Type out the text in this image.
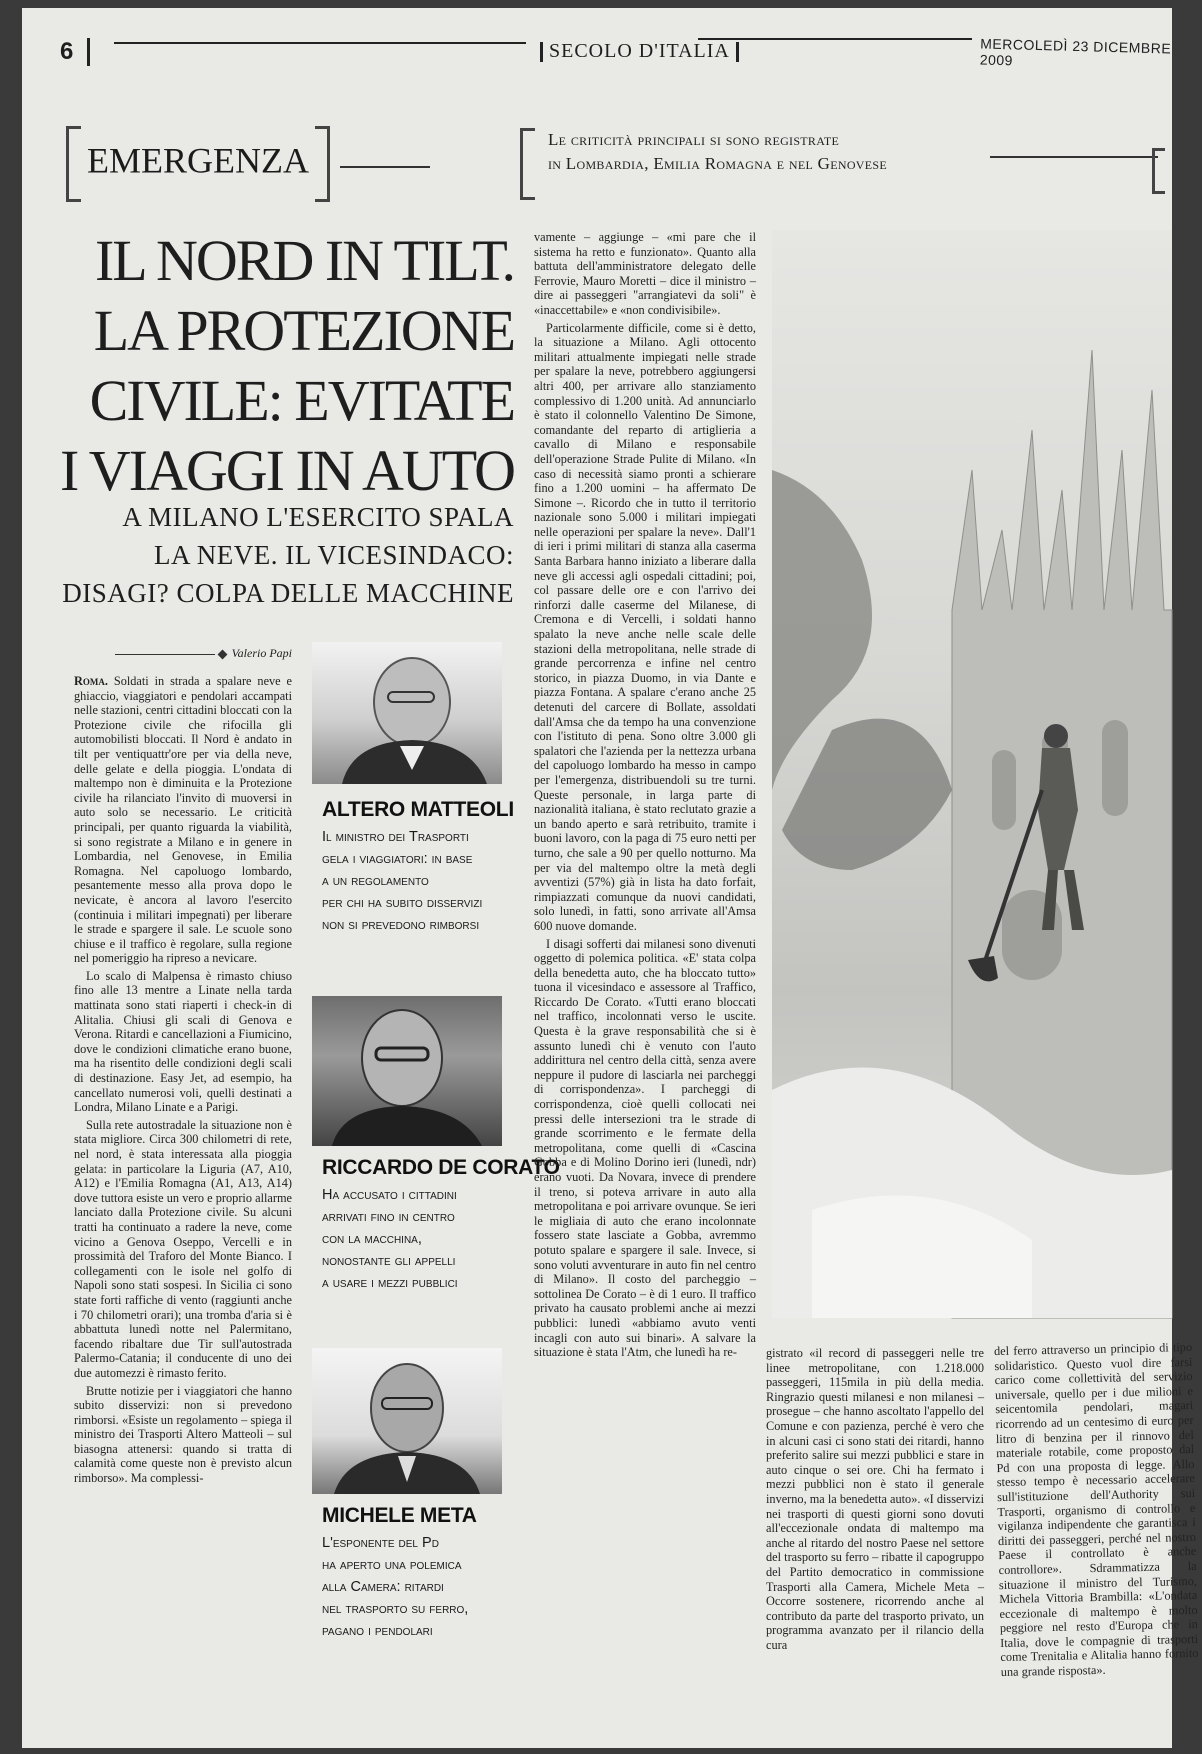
6	SECOLO D'ITALIA	MERCOLEDÌ 23 DICEMBRE 2009
EMERGENZA
Le criticità principali si sono registrate
in Lombardia, Emilia Romagna e nel Genovese
IL NORD IN TILT.
LA PROTEZIONE
CIVILE: EVITATE
I VIAGGI IN AUTO
A MILANO L'ESERCITO SPALA
LA NEVE. IL VICESINDACO:
DISAGI? COLPA DELLE MACCHINE
Valerio Papi

Roma. Soldati in strada a spalare neve e ghiaccio, viaggiatori e pendolari accampati nelle stazioni, centri cittadini bloccati con la Protezione civile che rifocilla gli automobilisti bloccati. Il Nord è andato in tilt per ventiquattr'ore per via della neve, delle gelate e della pioggia. L'ondata di maltempo non è diminuita e la Protezione civile ha rilanciato l'invito di muoversi in auto solo se necessario. Le criticità principali, per quanto riguarda la viabilità, si sono registrate a Milano e in genere in Lombardia, nel Genovese, in Emilia Romagna. Nel capoluogo lombardo, pesantemente messo alla prova dopo le nevicate, è ancora al lavoro l'esercito (continuia i militari impegnati) per liberare le strade e spargere il sale. Le scuole sono chiuse e il traffico è regolare, sulla regione nel pomeriggio ha ripreso a nevicare.

Lo scalo di Malpensa è rimasto chiuso fino alle 13 mentre a Linate nella tarda mattinata sono stati riaperti i check-in di Alitalia. Chiusi gli scali di Genova e Verona. Ritardi e cancellazioni a Fiumicino, dove le condizioni climatiche erano buone, ma ha risentito delle condizioni degli scali di destinazione. Easy Jet, ad esempio, ha cancellato numerosi voli, quelli destinati a Londra, Milano Linate e a Parigi.

Sulla rete autostradale la situazione non è stata migliore. Circa 300 chilometri di rete, nel nord, è stata interessata alla pioggia gelata: in particolare la Liguria (A7, A10, A12) e l'Emilia Romagna (A1, A13, A14) dove tuttora esiste un vero e proprio allarme lanciato dalla Protezione civile. Su alcuni tratti ha continuato a radere la neve, come vicino a Genova Oseppo, Vercelli e in prossimità del Traforo del Monte Bianco. I collegamenti con le isole nel golfo di Napoli sono stati sospesi. In Sicilia ci sono state forti raffiche di vento (raggiunti anche i 70 chilometri orari); una tromba d'aria si è abbattuta lunedì notte nel Palermitano, facendo ribaltare due Tir sull'autostrada Palermo-Catania; il conducente di uno dei due automezzi è rimasto ferito.

Brutte notizie per i viaggiatori che hanno subito disservizi: non si prevedono rimborsi. «Esiste un regolamento – spiega il ministro dei Trasporti Altero Matteoli – sul biasogna attenersi: quando si tratta di calamità come queste non è previsto alcun rimborso». Ma complessi-

ALTERO MATTEOLI
Il ministro dei Trasporti
gela i viaggiatori: in base
a un regolamento
per chi ha subito disservizi
non si prevedono rimborsi
RICCARDO DE CORATO
Ha accusato i cittadini
arrivati fino in centro
con la macchina,
nonostante gli appelli
a usare i mezzi pubblici
MICHELE META
L'esponente del Pd
ha aperto una polemica
alla Camera: ritardi
nel trasporto su ferro,
pagano i pendolari

vamente – aggiunge – «mi pare che il sistema ha retto e funzionato». Quanto alla battuta dell'amministratore delegato delle Ferrovie, Mauro Moretti – dice il ministro – dire ai passeggeri "arrangiatevi da soli" è «inaccettabile» e «non condivisibile».

Particolarmente difficile, come si è detto, la situazione a Milano. Agli ottocento militari attualmente impiegati nelle strade per spalare la neve, potrebbero aggiungersi altri 400, per arrivare allo stanziamento complessivo di 1.200 unità. Ad annunciarlo è stato il colonnello Valentino De Simone, comandante del reparto di artiglieria a cavallo di Milano e responsabile dell'operazione Strade Pulite di Milano. «In caso di necessità siamo pronti a schierare fino a 1.200 uomini – ha affermato De Simone –. Ricordo che in tutto il territorio nazionale sono 5.000 i militari impiegati nelle operazioni per spalare la neve». Dall'1 di ieri i primi militari di stanza alla caserma Santa Barbara hanno iniziato a liberare dalla neve gli accessi agli ospedali cittadini; poi, col passare delle ore e con l'arrivo dei rinforzi dalle caserme del Milanese, di Cremona e di Vercelli, i soldati hanno spalato la neve anche nelle scale delle stazioni della metropolitana, nelle strade di grande percorrenza e infine nel centro storico, in piazza Duomo, in via Dante e piazza Fontana. A spalare c'erano anche 25 detenuti del carcere di Bollate, assoldati dall'Amsa che da tempo ha una convenzione con l'istituto di pena. Sono oltre 3.000 gli spalatori che l'azienda per la nettezza urbana del capoluogo lombardo ha messo in campo per l'emergenza, distribuendoli su tre turni. Queste personale, in larga parte di nazionalità italiana, è stato reclutato grazie a un bando aperto e sarà retribuito, tramite i buoni lavoro, con la paga di 75 euro netti per turno, che sale a 90 per quello notturno. Ma per via del maltempo oltre la metà degli avventizi (57%) già in lista ha dato forfait, rimpiazzati comunque da nuovi candidati, solo lunedì, in fatti, sono arrivate all'Amsa 600 nuove domande.

I disagi sofferti dai milanesi sono divenuti oggetto di polemica politica. «E' stata colpa della benedetta auto, che ha bloccato tutto» tuona il vicesindaco e assessore al Traffico, Riccardo De Corato. «Tutti erano bloccati nel traffico, incolonnati verso le uscite. Questa è la grave responsabilità che si è assunto lunedì chi è venuto con l'auto addirittura nel centro della città, senza avere neppure il pudore di lasciarla nei parcheggi di corrispondenza». I parcheggi di corrispondenza, cioè quelli collocati nei pressi delle intersezioni tra le strade di grande scorrimento e le fermate della metropolitana, come quelli di «Cascina Gobba e di Molino Dorino ieri (lunedì, ndr) erano vuoti. Da Novara, invece di prendere il treno, si poteva arrivare in auto alla metropolitana e poi arrivare ovunque. Se ieri le migliaia di auto che erano incolonnate fossero state lasciate a Gobba, avremmo potuto spalare e spargere il sale. Invece, si sono voluti avventurare in auto fin nel centro di Milano». Il costo del parcheggio – sottolinea De Corato – è di 1 euro. Il traffico privato ha causato problemi anche ai mezzi pubblici: lunedì «abbiamo avuto venti incagli con auto sui binari». A salvare la situazione è stata l'Atm, che lunedì ha re-	gistrato «il record di passeggeri nelle tre linee metropolitane, con 1.218.000 passeggeri, 115mila in più della media. Ringrazio questi milanesi e non milanesi – prosegue – che hanno ascoltato l'appello del Comune e con pazienza, perché è vero che in alcuni casi ci sono stati dei ritardi, hanno preferito salire sui mezzi pubblici e stare in auto cinque o sei ore. Chi ha fermato i mezzi pubblici non è stato il generale inverno, ma la benedetta auto». «I disservizi nei trasporti di questi giorni sono dovuti all'eccezionale ondata di maltempo ma anche al ritardo del nostro Paese nel settore del trasporto su ferro – ribatte il capogruppo del Partito democratico in commissione Trasporti alla Camera, Michele Meta – Occorre sostenere, ricorrendo anche al contributo da parte del trasporto privato, un programma avanzato per il rilancio della cura

del ferro attraverso un principio di tipo solidaristico. Questo vuol dire farsi carico come collettività del servizio universale, quello per i due milioni e seicentomila pendolari, magari ricorrendo ad un centesimo di euro per litro di benzina per il rinnovo del materiale rotabile, come proposto dal Pd con una proposta di legge. Allo stesso tempo è necessario accelerare sull'istituzione dell'Authority sui Trasporti, organismo di controllo e vigilanza indipendente che garantisca i diritti dei passeggeri, perché nel nostro Paese il controllato è anche controllore». Sdrammatizza la situazione il ministro del Turismo, Michela Vittoria Brambilla: «L'ondata eccezionale di maltempo è molto peggiore nel resto d'Europa che in Italia, dove le compagnie di trasporti come Trenitalia e Alitalia hanno fornito una grande risposta».
